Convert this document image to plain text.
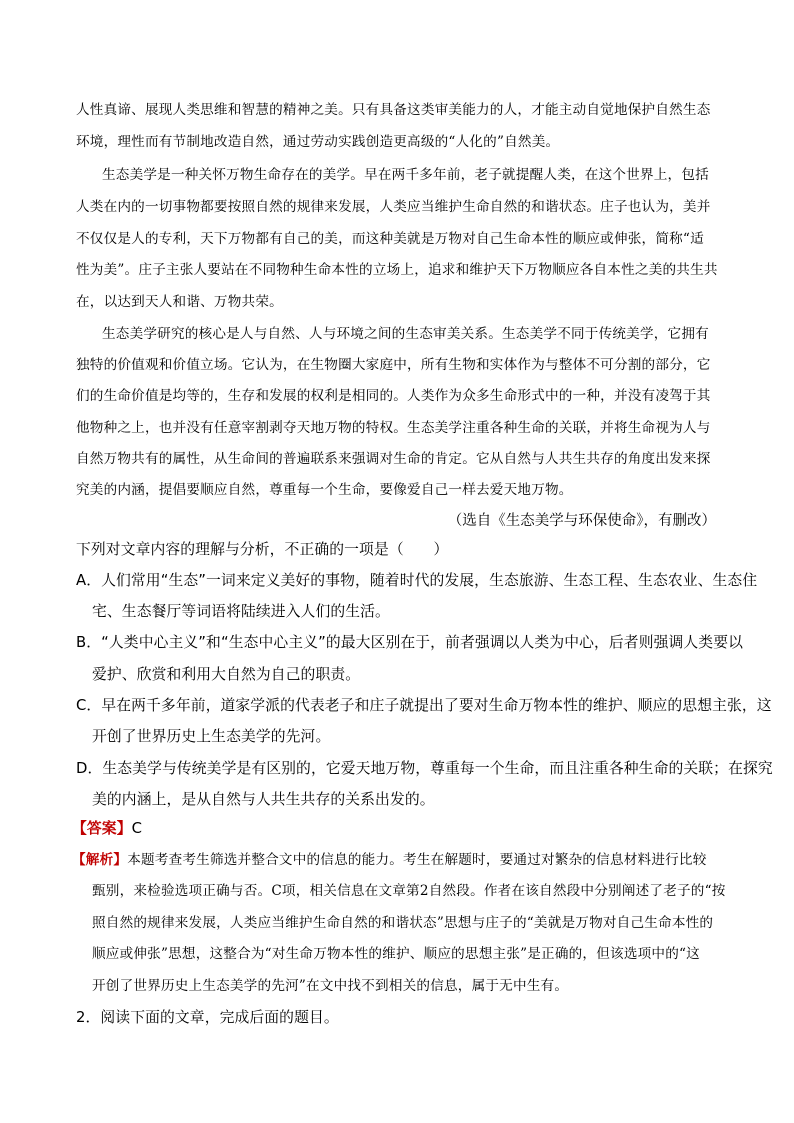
人性真谛、展现人类思维和智慧的精神之美。只有具备这类审美能力的人，才能主动自觉地保护自然生态
环境，理性而有节制地改造自然，通过劳动实践创造更高级的“人化的”自然美。
生态美学是一种关怀万物生命存在的美学。早在两千多年前，老子就提醒人类，在这个世界上，包括
人类在内的一切事物都要按照自然的规律来发展，人类应当维护生命自然的和谐状态。庄子也认为，美并
不仅仅是人的专利，天下万物都有自己的美，而这种美就是万物对自己生命本性的顺应或伸张，简称“适
性为美”。庄子主张人要站在不同物种生命本性的立场上，追求和维护天下万物顺应各自本性之美的共生共
在，以达到天人和谐、万物共荣。
生态美学研究的核心是人与自然、人与环境之间的生态审美关系。生态美学不同于传统美学，它拥有
独特的价值观和价值立场。它认为，在生物圈大家庭中，所有生物和实体作为与整体不可分割的部分，它
们的生命价值是均等的，生存和发展的权利是相同的。人类作为众多生命形式中的一种，并没有凌驾于其
他物种之上，也并没有任意宰割剥夺天地万物的特权。生态美学注重各种生命的关联，并将生命视为人与
自然万物共有的属性，从生命间的普遍联系来强调对生命的肯定。它从自然与人共生共存的角度出发来探
究美的内涵，提倡要顺应自然，尊重每一个生命，要像爱自己一样去爱天地万物。
（选自《生态美学与环保使命》，有删改）
下列对文章内容的理解与分析，不正确的一项是（　　）
A．人们常用“生态”一词来定义美好的事物，随着时代的发展，生态旅游、生态工程、生态农业、生态住
宅、生态餐厅等词语将陆续进入人们的生活。
B．“人类中心主义”和“生态中心主义”的最大区别在于，前者强调以人类为中心，后者则强调人类要以
爱护、欣赏和利用大自然为自己的职责。
C．早在两千多年前，道家学派的代表老子和庄子就提出了要对生命万物本性的维护、顺应的思想主张，这
开创了世界历史上生态美学的先河。
D．生态美学与传统美学是有区别的，它爱天地万物，尊重每一个生命，而且注重各种生命的关联；在探究
美的内涵上，是从自然与人共生共存的关系出发的。
【答案】C
【解析】本题考查考生筛选并整合文中的信息的能力。考生在解题时，要通过对繁杂的信息材料进行比较
甄别，来检验选项正确与否。C项，相关信息在文章第2自然段。作者在该自然段中分别阐述了老子的“按
照自然的规律来发展，人类应当维护生命自然的和谐状态”思想与庄子的“美就是万物对自己生命本性的
顺应或伸张”思想，这整合为“对生命万物本性的维护、顺应的思想主张”是正确的，但该选项中的“这
开创了世界历史上生态美学的先河”在文中找不到相关的信息，属于无中生有。
2．阅读下面的文章，完成后面的题目。
